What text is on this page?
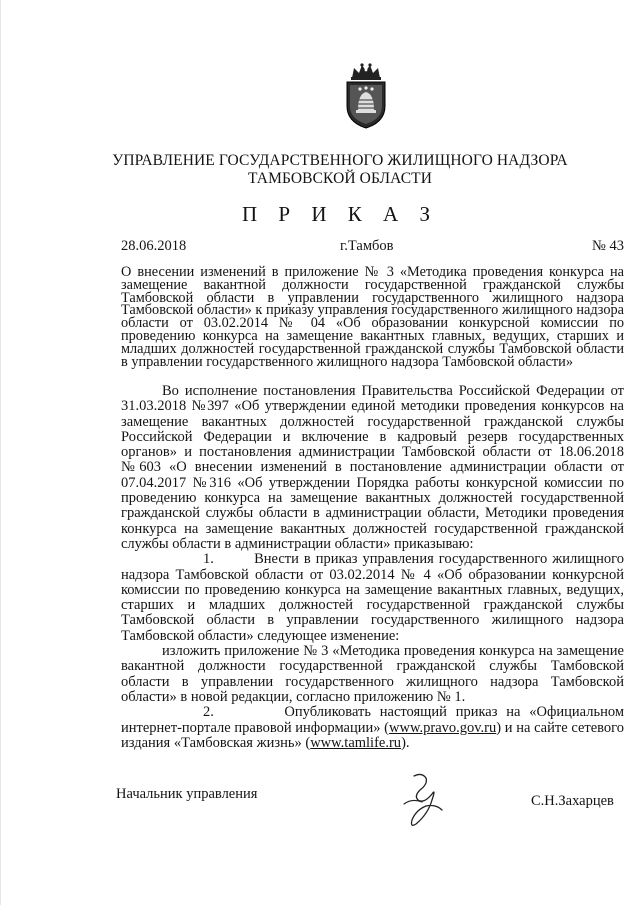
УПРАВЛЕНИЕ ГОСУДАРСТВЕННОГО ЖИЛИЩНОГО НАДЗОРА
ТАМБОВСКОЙ ОБЛАСТИ
П Р И К А З
28.06.2018	г.Тамбов	№ 43
О внесении изменений в приложение № 3 «Методика проведения конкурса на замещение вакантной должности государственной гражданской службы Тамбовской области в управлении государственного жилищного надзора Тамбовской области» к приказу управления государственного жилищного надзора области от 03.02.2014 № 04 «Об образовании конкурсной комиссии по проведению конкурса на замещение вакантных главных, ведущих, старших и младших должностей государственной гражданской службы Тамбовской области в управлении государственного жилищного надзора Тамбовской области»

Во исполнение постановления Правительства Российской Федерации от 31.03.2018 №397 «Об утверждении единой методики проведения конкурсов на замещение вакантных должностей государственной гражданской службы Российской Федерации и включение в кадровый резерв государственных органов» и постановления администрации Тамбовской области от 18.06.2018 №603 «О внесении изменений в постановление администрации области от 07.04.2017 №316 «Об утверждении Порядка работы конкурсной комиссии по проведению конкурса на замещение вакантных должностей государственной гражданской службы области в администрации области, Методики проведения конкурса на замещение вакантных должностей государственной гражданской службы области в администрации области» приказываю:

1.	Внести в приказ управления государственного жилищного надзора Тамбовской области от 03.02.2014 № 4 «Об образовании конкурсной комиссии по проведению конкурса на замещение вакантных главных, ведущих, старших и младших должностей государственной гражданской службы Тамбовской области в управлении государственного жилищного надзора Тамбовской области» следующее изменение:

изложить приложение № 3 «Методика проведения конкурса на замещение вакантной должности государственной гражданской службы Тамбовской области в управлении государственного жилищного надзора Тамбовской области» в новой редакции, согласно приложению № 1.

2.	Опубликовать настоящий приказ на «Официальном интернет-портале правовой информации» (www.pravo.gov.ru) и на сайте сетевого издания «Тамбовская жизнь» (www.tamlife.ru).

Начальник управления	С.Н.Захарцев
